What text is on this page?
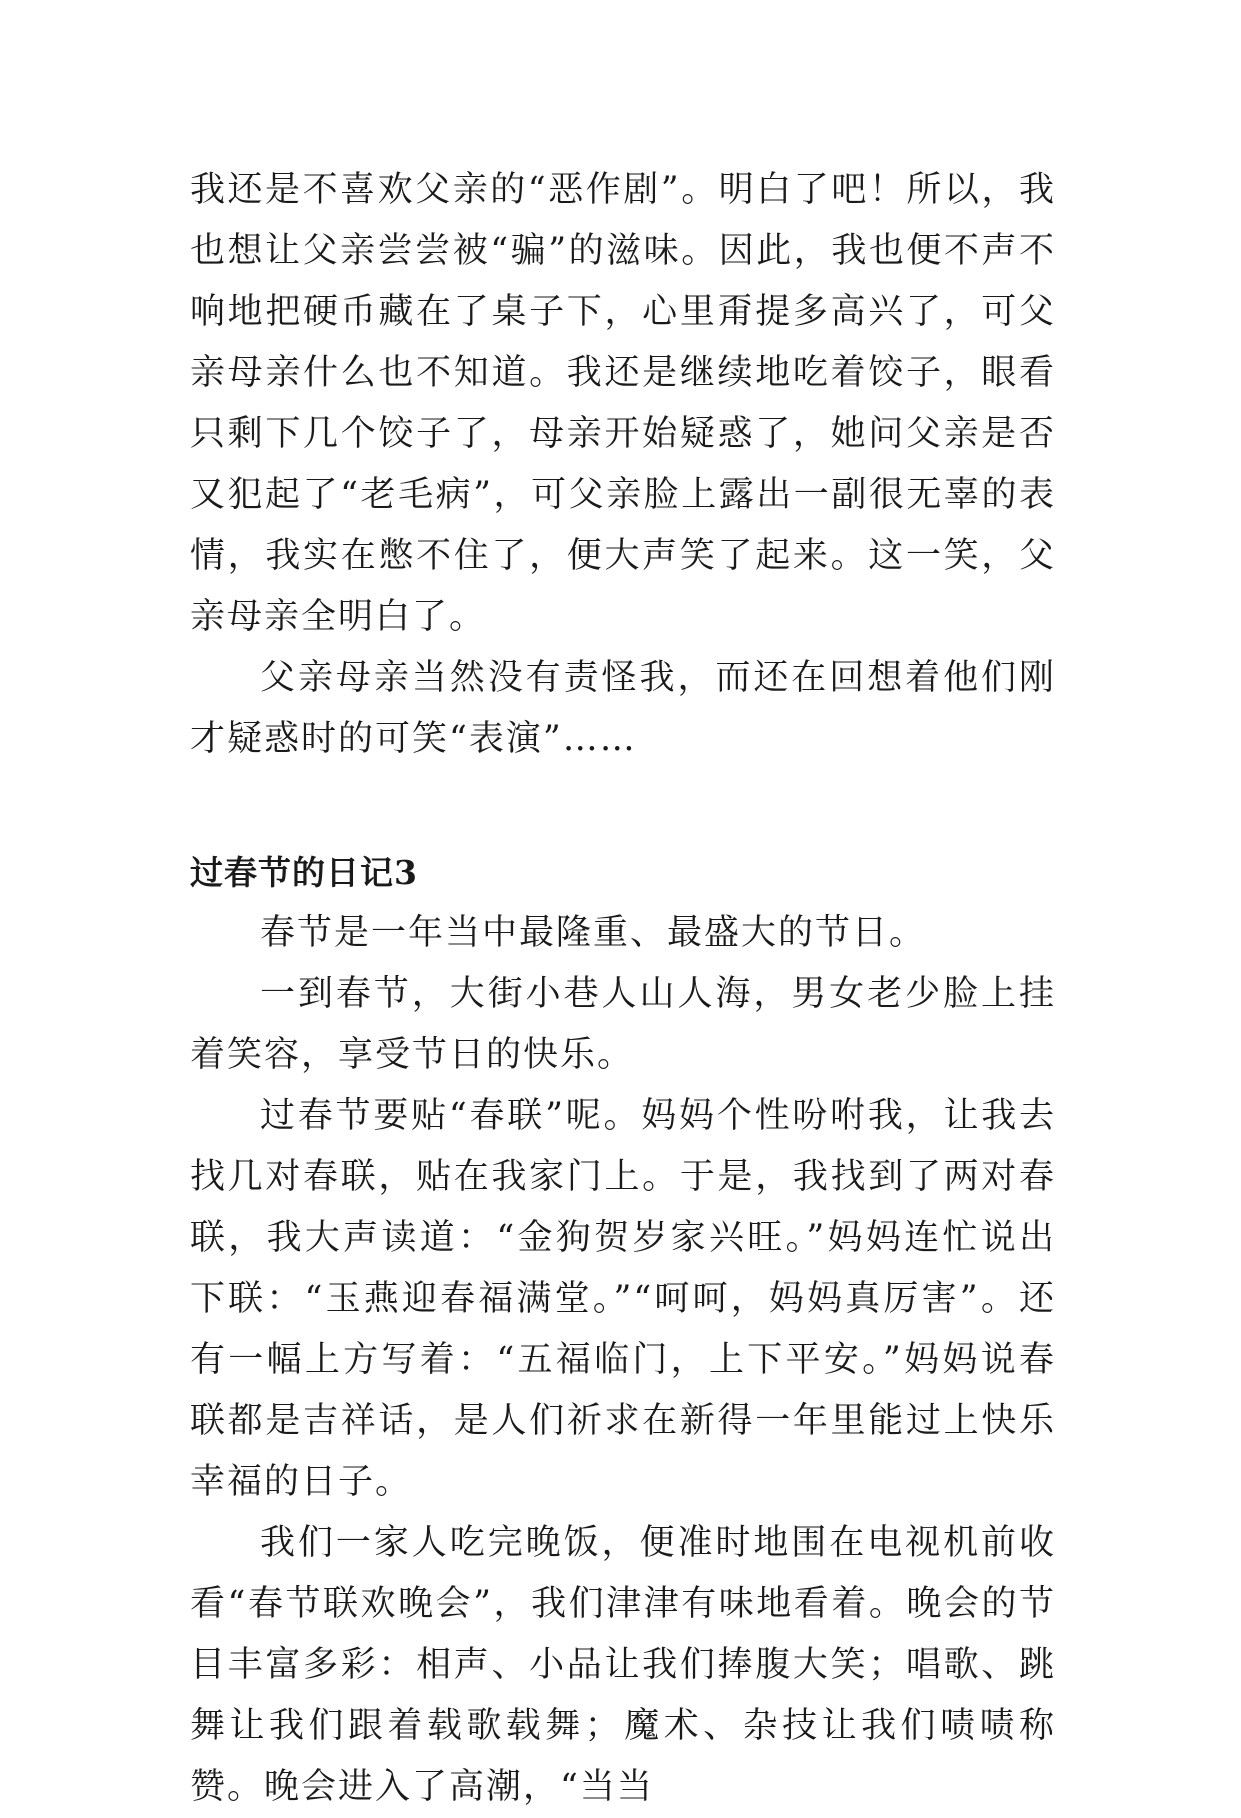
我还是不喜欢父亲的“恶作剧”。明白了吧！所以，我也想让父亲尝尝被“骗”的滋味。因此，我也便不声不响地把硬币藏在了桌子下，心里甭提多高兴了，可父亲母亲什么也不知道。我还是继续地吃着饺子，眼看只剩下几个饺子了，母亲开始疑惑了，她问父亲是否又犯起了“老毛病”，可父亲脸上露出一副很无辜的表情，我实在憋不住了，便大声笑了起来。这一笑，父亲母亲全明白了。

父亲母亲当然没有责怪我，而还在回想着他们刚才疑惑时的可笑“表演”……

过春节的日记3

春节是一年当中最隆重、最盛大的节日。

一到春节，大街小巷人山人海，男女老少脸上挂着笑容，享受节日的快乐。

过春节要贴“春联”呢。妈妈个性吩咐我，让我去找几对春联，贴在我家门上。于是，我找到了两对春联，我大声读道：“金狗贺岁家兴旺。”妈妈连忙说出下联：“玉燕迎春福满堂。”“呵呵，妈妈真厉害”。还有一幅上方写着：“五福临门，上下平安。”妈妈说春联都是吉祥话，是人们祈求在新得一年里能过上快乐幸福的日子。

我们一家人吃完晚饭，便准时地围在电视机前收看“春节联欢晚会”，我们津津有味地看着。晚会的节目丰富多彩：相声、小品让我们捧腹大笑；唱歌、跳舞让我们跟着载歌载舞；魔术、杂技让我们啧啧称赞。晚会进入了高潮，“当当
